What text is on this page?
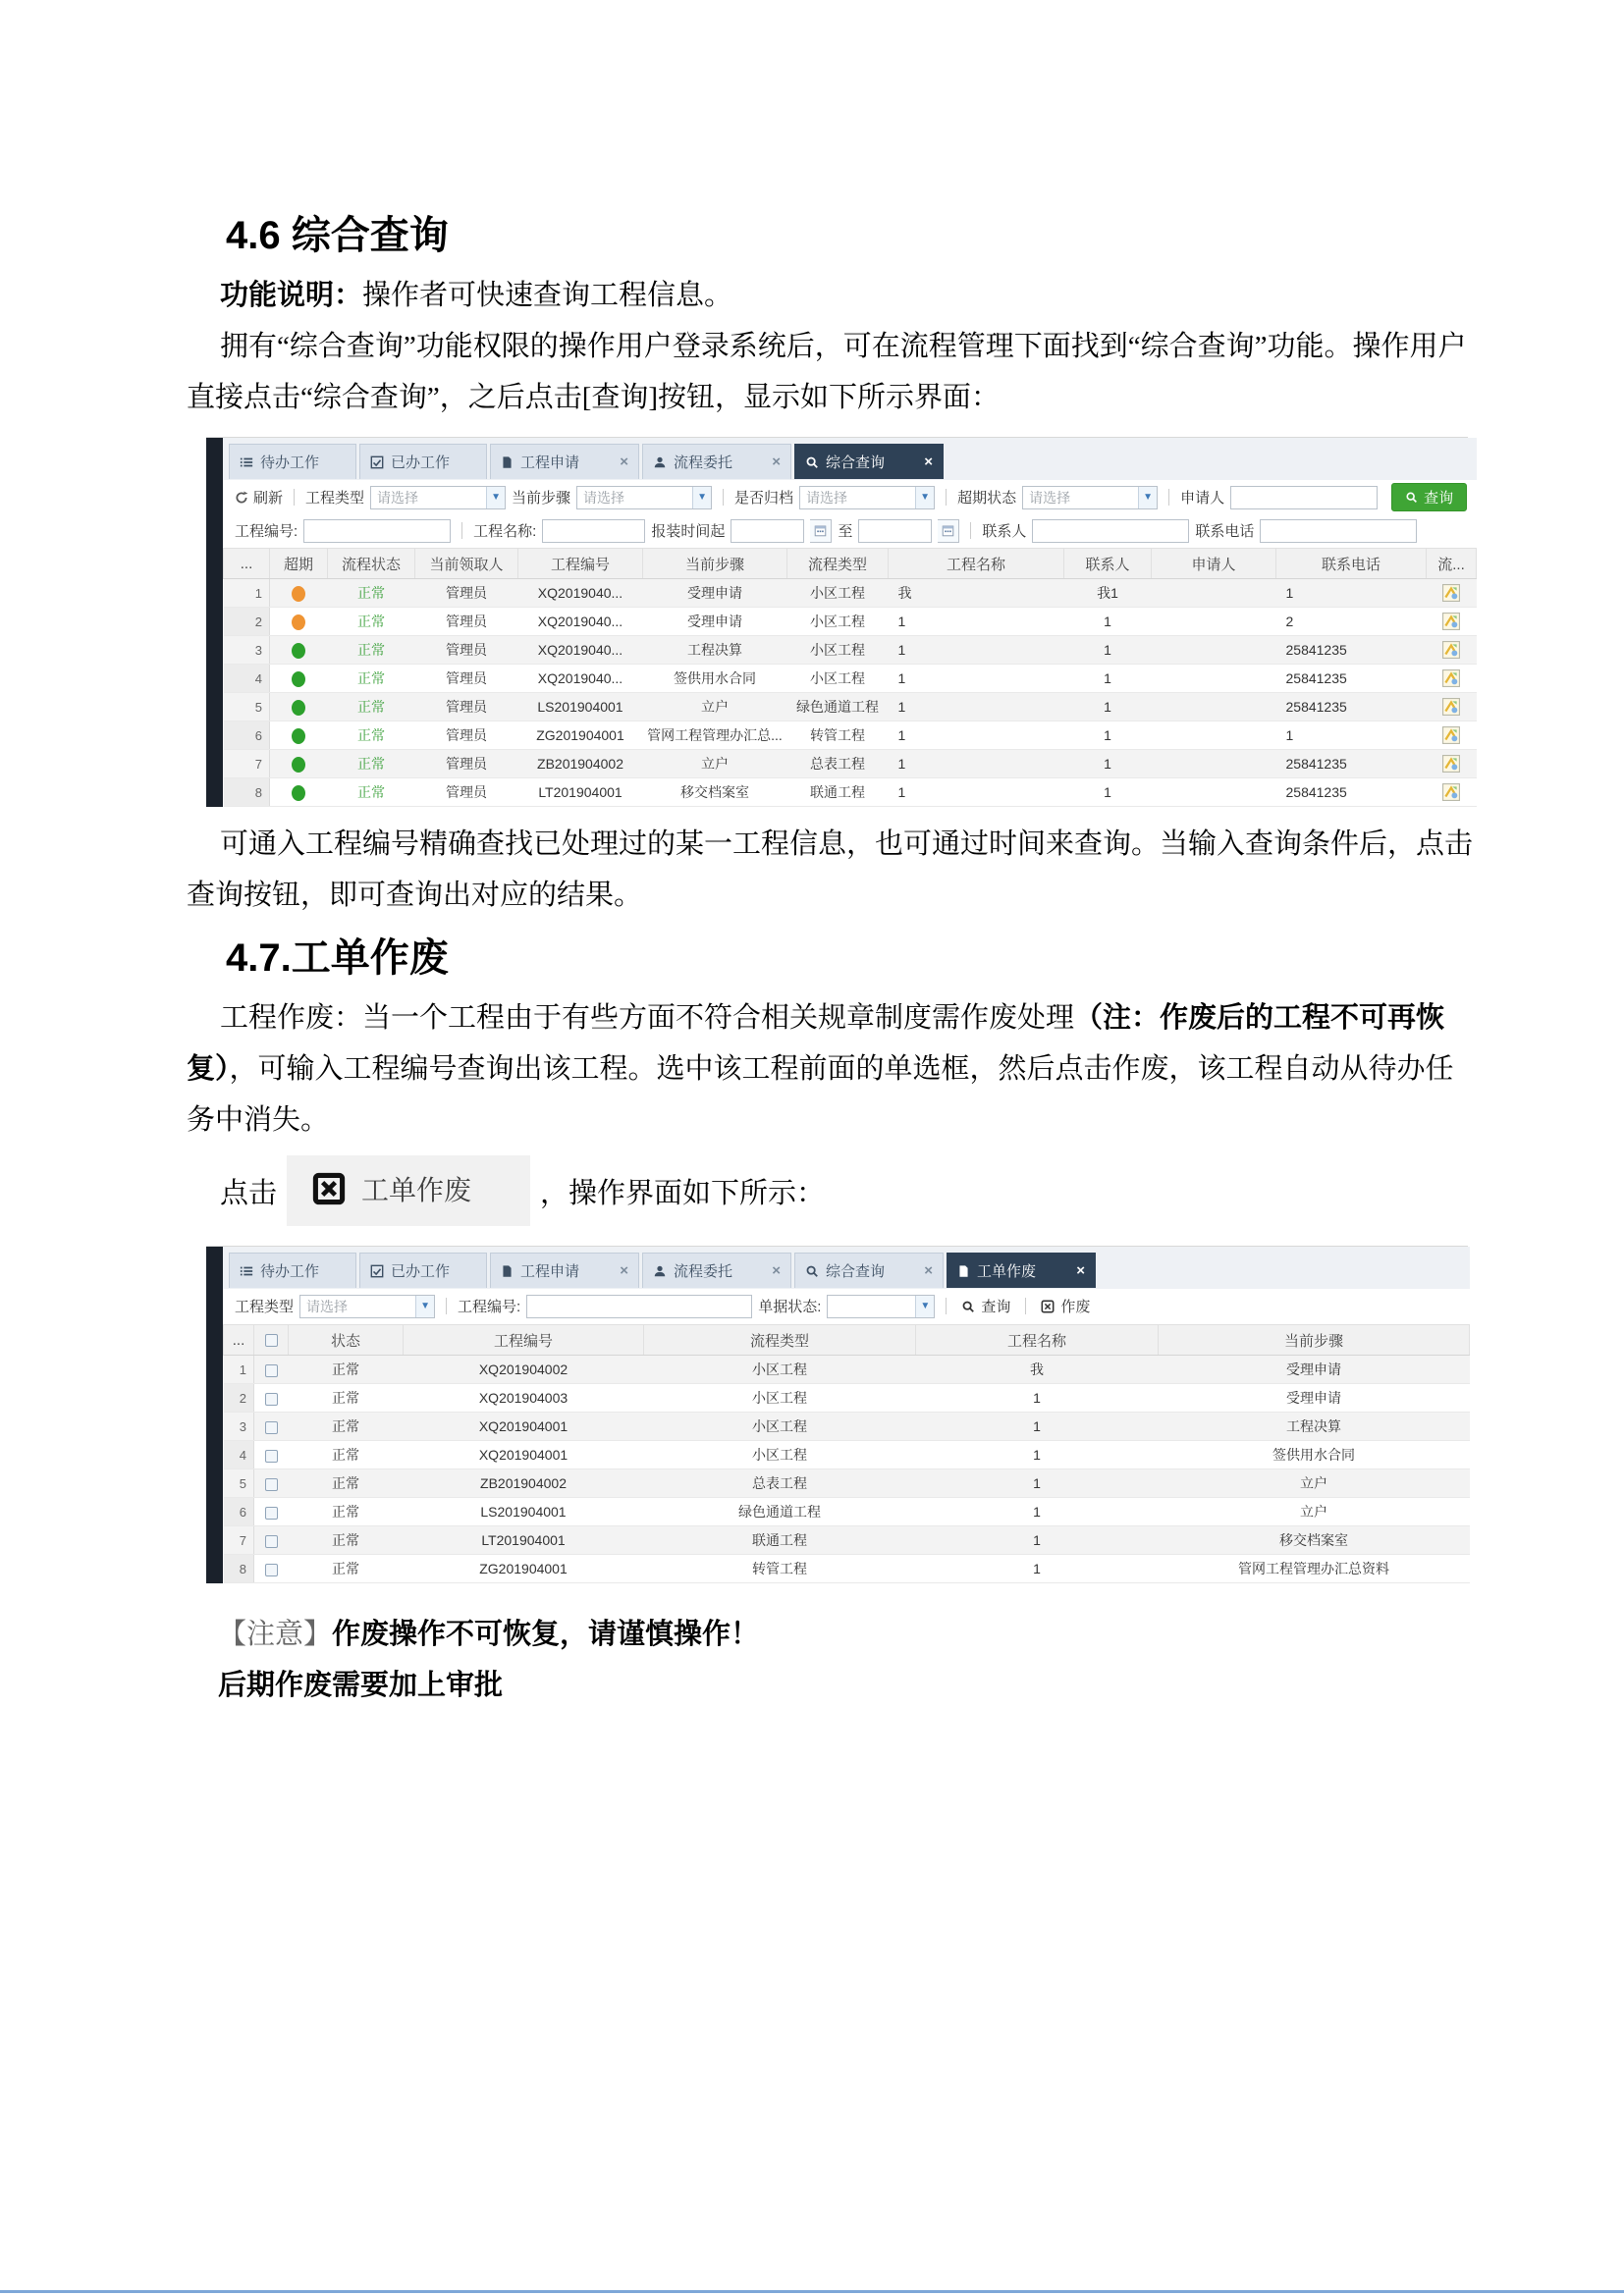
4.6 综合查询

功能说明：操作者可快速查询工程信息。

拥有“综合查询”功能权限的操作用户登录系统后，可在流程管理下面找到“综合查询”功能。操作用户直接点击“综合查询”，之后点击[查询]按钮，显示如下所示界面：

待办工作	已办工作	工程申请	×	流程委托	×	综合查询	×
刷新 工程类型 请选择	▼ 当前步骤 请选择	▼ 是否归档 请选择	▼ 超期状态 请选择	▼ 申请人	查询
工程编号:	工程名称:	报装时间起	至	联系人	联系电话
...	超期	流程状态	当前领取人	工程编号	当前步骤	流程类型	工程名称	联系人	申请人	联系电话	流...
1		正常	管理员	XQ2019040...	受理申请	小区工程	我	我1		1	

2		正常	管理员	XQ2019040...	受理申请	小区工程	1	1		2	

3		正常	管理员	XQ2019040...	工程决算	小区工程	1	1		25841235	

4		正常	管理员	XQ2019040...	签供用水合同	小区工程	1	1		25841235	

5		正常	管理员	LS201904001	立户	绿色通道工程	1	1		25841235	

6		正常	管理员	ZG201904001	管网工程管理办汇总...	转管工程	1	1		1	

7		正常	管理员	ZB201904002	立户	总表工程	1	1		25841235	

8		正常	管理员	LT201904001	移交档案室	联通工程	1	1		25841235	

可通入工程编号精确查找已处理过的某一工程信息，也可通过时间来查询。当输入查询条件后，点击查询按钮，即可查询出对应的结果。

4.7.工单作废

工程作废：当一个工程由于有些方面不符合相关规章制度需作废处理（注：作废后的工程不可再恢复），可输入工程编号查询出该工程。选中该工程前面的单选框，然后点击作废，该工程自动从待办任务中消失。

点击	工单作废 ，操作界面如下所示：
待办工作	已办工作	工程申请	×	流程委托	×	综合查询	×	工单作废	×
工程类型 请选择	▼ 工程编号:	单据状态:	▼	查询	作废
...		状态	工程编号	流程类型	工程名称	当前步骤
1		正常	XQ201904002	小区工程	我	受理申请
2		正常	XQ201904003	小区工程	1	受理申请
3		正常	XQ201904001	小区工程	1	工程决算
4		正常	XQ201904001	小区工程	1	签供用水合同
5		正常	ZB201904002	总表工程	1	立户
6		正常	LS201904001	绿色通道工程	1	立户
7		正常	LT201904001	联通工程	1	移交档案室
8		正常	ZG201904001	转管工程	1	管网工程管理办汇总资料

【注意】作废操作不可恢复，请谨慎操作！
后期作废需要加上审批
